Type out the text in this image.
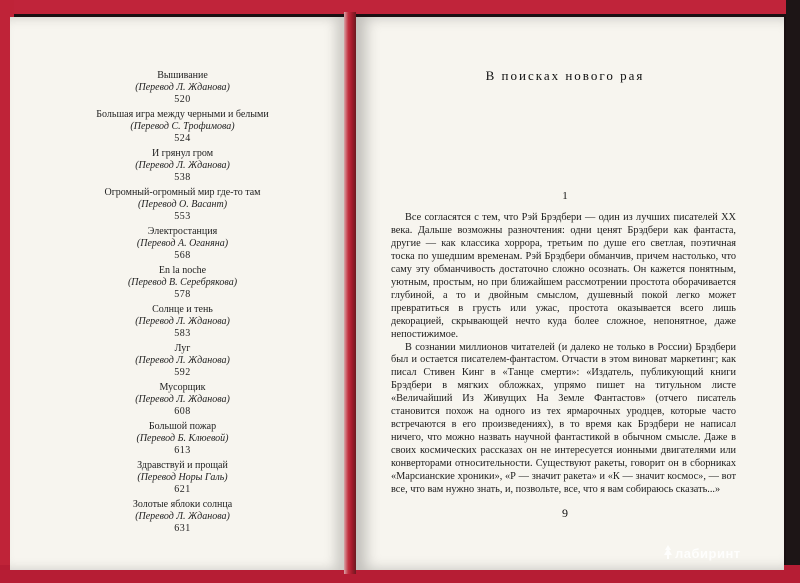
Вышивание
(Перевод Л. Жданова)
520
Большая игра между черными и белыми
(Перевод С. Трофимова)
524
И грянул гром
(Перевод Л. Жданова)
538
Огромный-огромный мир где-то там
(Перевод О. Васант)
553
Электростанция
(Перевод А. Оганяна)
568
En la noche
(Перевод В. Серебрякова)
578
Солнце и тень
(Перевод Л. Жданова)
583
Луг
(Перевод Л. Жданова)
592
Мусорщик
(Перевод Л. Жданова)
608
Большой пожар
(Перевод Б. Клюевой)
613
Здравствуй и прощай
(Перевод Норы Галь)
621
Золотые яблоки солнца
(Перевод Л. Жданова)
631
В поисках нового рая
1

Все согласятся с тем, что Рэй Брэдбери — один из лучших писателей XX века. Дальше возможны разночтения: одни ценят Брэдбери как фантаста, другие — как классика хоррора, третьим по душе его светлая, поэтичная тоска по ушедшим временам. Рэй Брэдбери обманчив, причем настолько, что саму эту обманчивость достаточно сложно осознать. Он кажется понятным, уютным, простым, но при ближайшем рассмотрении простота оборачивается глубиной, а то и двойным смыслом, душевный покой легко может превратиться в грусть или ужас, простота оказывается всего лишь декорацией, скрывающей нечто куда более сложное, непонятное, даже непостижимое.

В сознании миллионов читателей (и далеко не только в России) Брэдбери был и остается писателем-фантастом. Отчасти в этом виноват маркетинг; как писал Стивен Кинг в «Танце смерти»: «Издатель, публикующий книги Брэдбери в мягких обложках, упрямо пишет на титульном листе «Величайший Из Живущих На Земле Фантастов» (отчего писатель становится похож на одного из тех ярмарочных уродцев, которые часто встречаются в его произведениях), в то время как Брэдбери не написал ничего, что можно назвать научной фантастикой в обычном смысле. Даже в своих космических рассказах он не интересуется ионными двигателями или конверторами относительности. Существуют ракеты, говорит он в сборниках «Марсианские хроники», «Р — значит ракета» и «К — значит космос», — вот все, что вам нужно знать, и, позвольте, все, что я вам собираюсь сказать...»

9
лабиринт
